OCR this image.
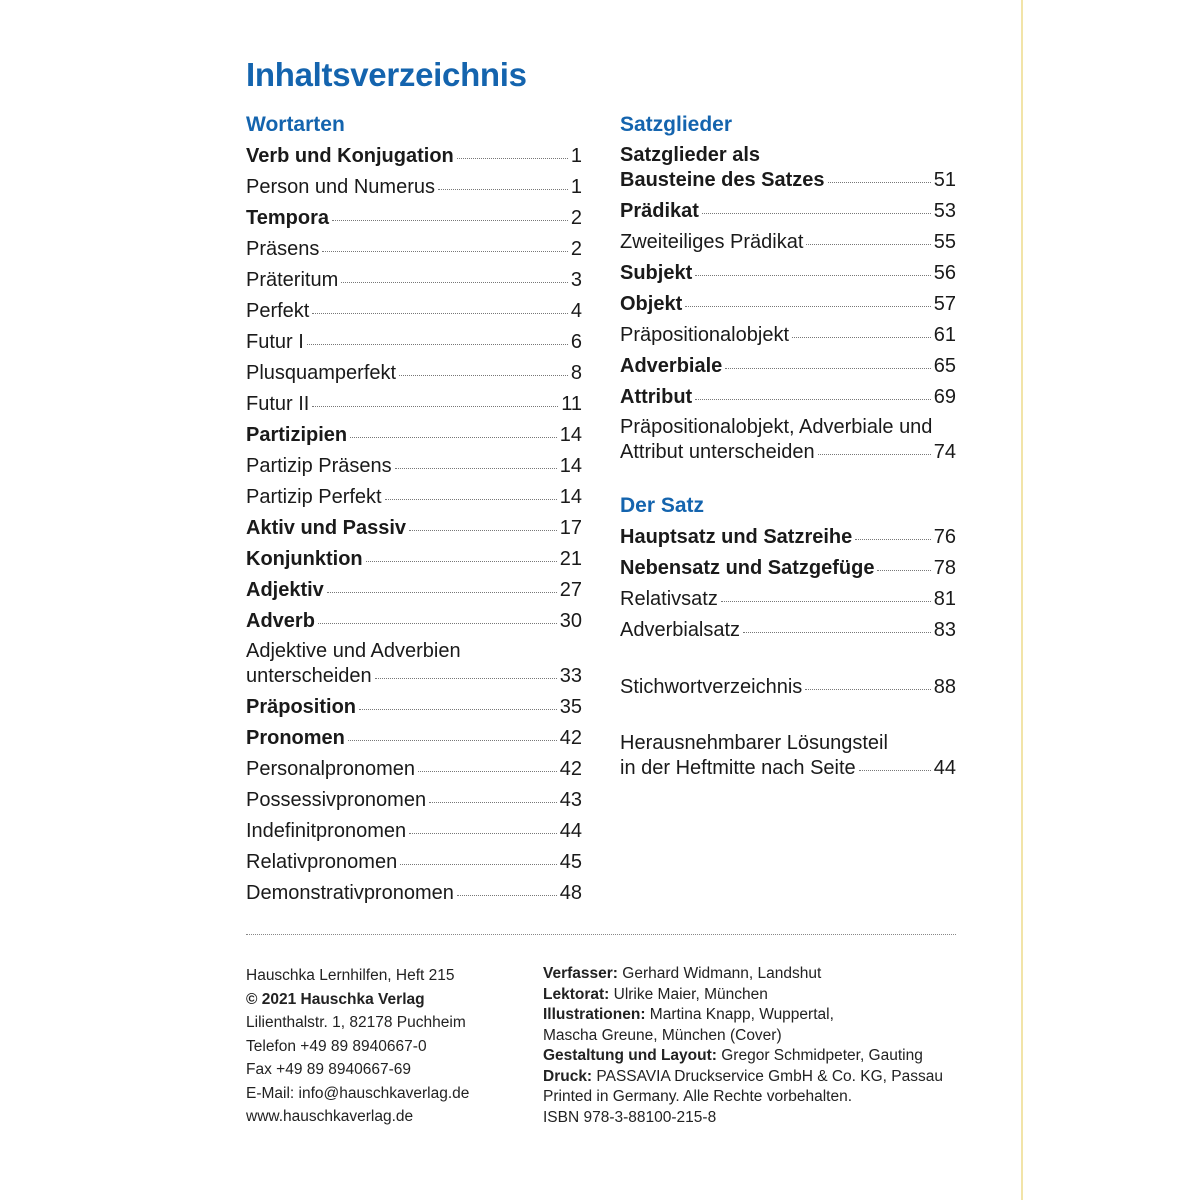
Inhaltsverzeichnis
Wortarten
Verb und Konjugation	1
Person und Numerus	1
Tempora	2
Präsens	2
Präteritum	3
Perfekt	4
Futur I	6
Plusquamperfekt	8
Futur II	11
Partizipien	14
Partizip Präsens	14
Partizip Perfekt	14
Aktiv und Passiv	17
Konjunktion	21
Adjektiv	27
Adverb	30
Adjektive und Adverbien
unterscheiden	33
Präposition	35
Pronomen	42
Personalpronomen	42
Possessivpronomen	43
Indefinitpronomen	44
Relativpronomen	45
Demonstrativpronomen	48
Satzglieder
Satzglieder als
Bausteine des Satzes	51
Prädikat	53
Zweiteiliges Prädikat	55
Subjekt	56
Objekt	57
Präpositionalobjekt	61
Adverbiale	65
Attribut	69
Präpositionalobjekt, Adverbiale und
Attribut unterscheiden	74
Der Satz
Hauptsatz und Satzreihe	76
Nebensatz und Satzgefüge	78
Relativsatz	81
Adverbialsatz	83
Stichwortverzeichnis	88
Herausnehmbarer Lösungsteil
in der Heftmitte nach Seite	44
Hauschka Lernhilfen, Heft 215
© 2021 Hauschka Verlag
Lilienthalstr. 1, 82178 Puchheim
Telefon +49 89 8940667-0
Fax +49 89 8940667-69
E-Mail: info@hauschkaverlag.de
www.hauschkaverlag.de
Verfasser: Gerhard Widmann, Landshut
Lektorat: Ulrike Maier, München
Illustrationen: Martina Knapp, Wuppertal,
Mascha Greune, München (Cover)
Gestaltung und Layout: Gregor Schmidpeter, Gauting
Druck: PASSAVIA Druckservice GmbH & Co. KG, Passau
Printed in Germany. Alle Rechte vorbehalten.
ISBN 978-3-88100-215-8
